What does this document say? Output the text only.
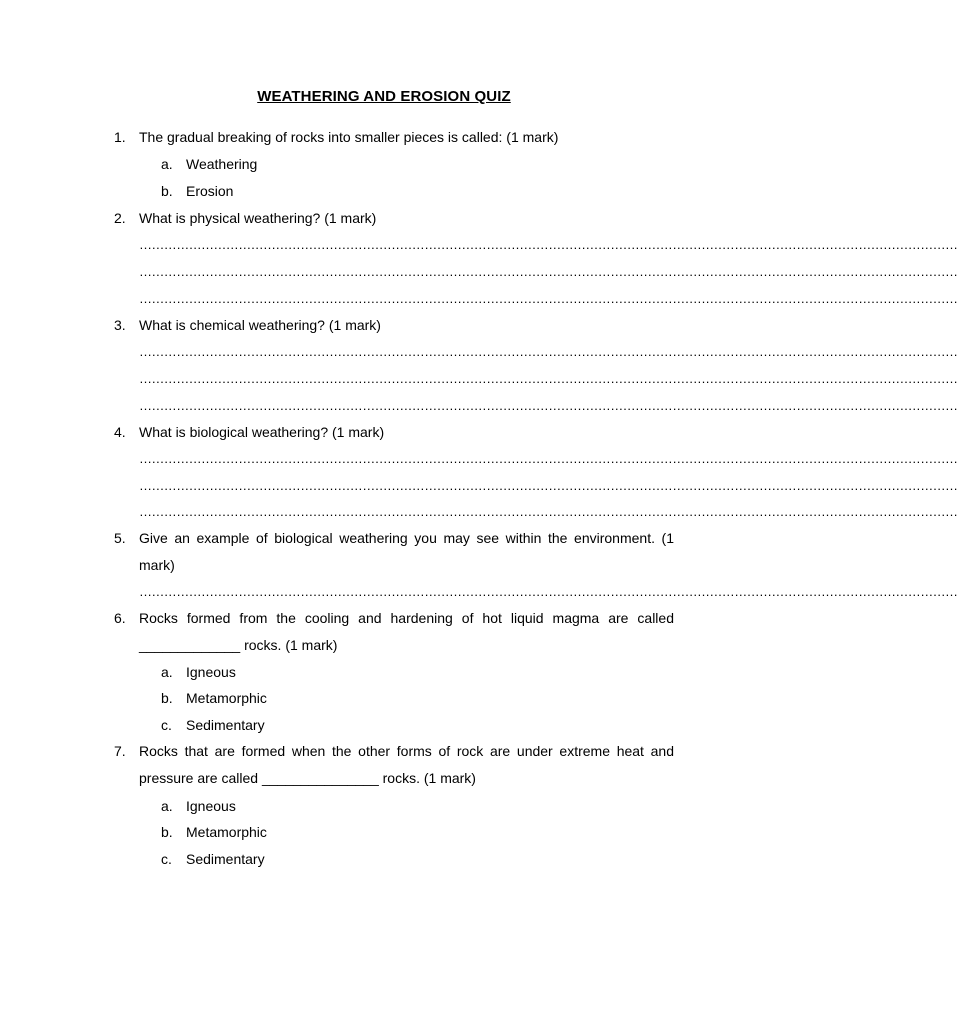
WEATHERING AND EROSION QUIZ
1. The gradual breaking of rocks into smaller pieces is called: (1 mark)
a. Weathering
b. Erosion
2. What is physical weathering? (1 mark)
………………………………………………………………………………………………………………………………………………………………………………
………………………………………………………………………………………………………………………………………………………………………………
………………………………………………………………………………………………………………………………………………………………………………
3. What is chemical weathering? (1 mark)
………………………………………………………………………………………………………………………………………………………………………………
………………………………………………………………………………………………………………………………………………………………………………
………………………………………………………………………………………………………………………………………………………………………………
4. What is biological weathering? (1 mark)
………………………………………………………………………………………………………………………………………………………………………………
………………………………………………………………………………………………………………………………………………………………………………
………………………………………………………………………………………………………………………………………………………………………………
5. Give an example of biological weathering you may see within the environment. (1
mark)
………………………………………………………………………………………………………………………………………………………………………………
6. Rocks formed from the cooling and hardening of hot liquid magma are called
_____________ rocks. (1 mark)
a. Igneous
b. Metamorphic
c. Sedimentary
7. Rocks that are formed when the other forms of rock are under extreme heat and
pressure are called _______________ rocks. (1 mark)
a. Igneous
b. Metamorphic
c. Sedimentary
